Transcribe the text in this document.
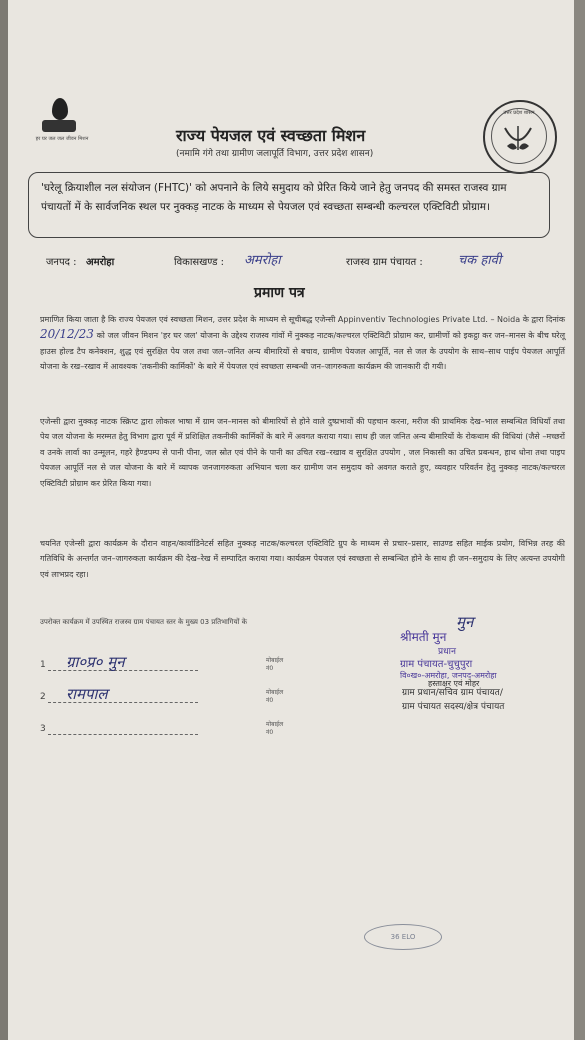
हर घर जल जल जीवन मिशन	राज्य पेयजल एवं स्वच्छता मिशन
(नमामि गंगे तथा ग्रामीण जलापूर्ति विभाग, उत्तर प्रदेश शासन)
उत्तर प्रदेश शासन
'घरेलू क्रियाशील नल संयोजन (FHTC)' को अपनाने के लिये समुदाय को प्रेरित किये जाने हेतु जनपद की समस्त राजस्व ग्राम पंचायतों में के सार्वजनिक स्थल पर नुक्कड़ नाटक के माध्यम से पेयजल एवं स्वच्छता सम्बन्धी कल्चरल एक्टिविटी प्रोग्राम।
जनपद : अमरोहा	विकासखण्ड : अमरोहा	राजस्व ग्राम पंचायत :	चक हावी
प्रमाण पत्र
प्रमाणित किया जाता है कि राज्य पेयजल एवं स्वच्छता मिशन, उत्तर प्रदेश के माध्यम से सूचीबद्ध एजेन्सी Appinventiv Technologies Private Ltd. – Noida के द्वारा दिनांक 20/12/23 को जल जीवन मिशन 'हर घर जल' योजना के उद्देश्य राजस्व गांवों में नुक्कड़ नाटक/कल्चरल एक्टिविटी प्रोग्राम कर, ग्रामीणों को इकट्ठा कर जन–मानस के बीच घरेलू हाउस होल्ड टैप कनेक्शन, शुद्ध एवं सुरक्षित पेय जल तथा जल–जनित अन्य बीमारियों से बचाव, ग्रामीण पेयजल आपूर्ति, नल से जल के उपयोग के साथ–साथ पाईप पेयजल आपूर्ति योजना के रख–रखाव में आवश्यक 'तकनीकी कार्मिकों' के बारे में पेयजल एवं स्वच्छता सम्बन्धी जन–जागरुकता कार्यक्रम की जानकारी दी गयी।
एजेन्सी द्वारा नुक्कड़ नाटक स्क्रिप्ट द्वारा लोकल भाषा में ग्राम जन–मानस को बीमारियों से होने वाले दुष्प्रभावों की पहचान करना, मरीज की प्राथमिक देख–भाल सम्बन्धित विधियाँ तथा पेय जल योजना के मरम्मत हेतु विभाग द्वारा पूर्व में प्रशिक्षित तकनीकी कार्मिकों के बारे में अवगत कराया गया। साथ ही जल जनित अन्य बीमारियों के रोकथाम की विधियां (जैसे –मच्छरों व उनके लार्वा का उन्मूलन, गहरे हैण्डपम्प से पानी पीना, जल स्रोत एवं पीने के पानी का उचित रख–रखाव व सुरक्षित उपयोग , जल निकासी का उचित प्रबन्धन, हाथ धोना तथा पाइप पेयजल आपूर्ति नल से जल योजना के बारे में व्यापक जनजागरुकता अभियान चला कर ग्रामीण जन समुदाय को अवगत कराते हुए, व्यवहार परिवर्तन हेतु नुक्कड़ नाटक/कल्चरल एक्टिविटी प्रोग्राम कर प्रेरित किया गया।
चयनित एजेन्सी द्वारा कार्यक्रम के दौरान वाहन/कार्वाडिनेटर्स सहित नुक्कड़ नाटक/कल्चरल एक्टिविटि ग्रुप के माध्यम से प्रचार–प्रसार, साउण्ड सहित माईक प्रयोग, विभिन्न तरह की गतिविधि के अन्तर्गत जन–जागरुकता कार्यक्रम की देख–रेख में सम्पादित कराया गया। कार्यक्रम पेयजल एवं स्वच्छता से सम्बन्धित होने के साथ ही जन–समुदाय के लिए अत्यन्त उपयोगी एवं लाभप्रद रहा।
उपरोक्त कार्यक्रम में उपस्थित राजस्व ग्राम पंचायत स्तर के मुख्य 03 प्रतिभागियों के
1 ग्रा०प्र० मुन	मोबाईल नं0
2 रामपाल	मोबाईल नं0
3	मोबाईल नं0
मुन
श्रीमती मुन
प्रधान
ग्राम पंचायत-चुचुपुरा
वि०ख०-अमरोहा, जनपद-अमरोहा
हस्ताक्षर एवं मोहर
ग्राम प्रधान/सचिव ग्राम पंचायत/
ग्राम पंचायत सदस्य/क्षेत्र पंचायत
36 ELO
